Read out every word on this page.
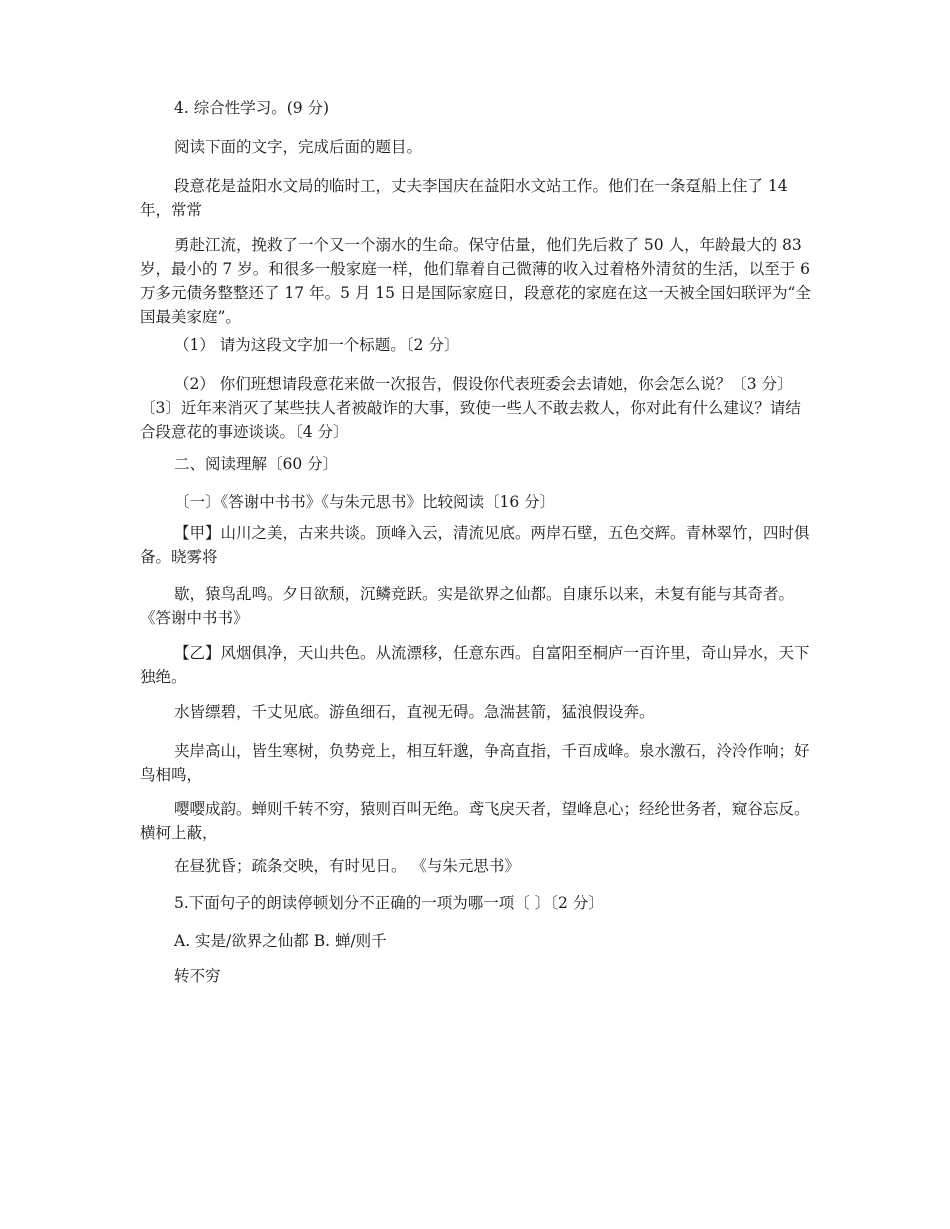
4. 综合性学习。(9 分)

阅读下面的文字，完成后面的题目。

段意花是益阳水文局的临时工，丈夫李国庆在益阳水文站工作。他们在一条趸船上住了 14 年，常常

勇赴江流，挽救了一个又一个溺水的生命。保守估量，他们先后救了 50 人，年龄最大的 83 岁，最小的 7 岁。和很多一般家庭一样，他们靠着自己微薄的收入过着格外清贫的生活，以至于 6 万多元债务整整还了 17 年。5 月 15 日是国际家庭日，段意花的家庭在这一天被全国妇联评为“全国最美家庭”。

（1） 请为这段文字加一个标题。〔2 分〕

（2） 你们班想请段意花来做一次报告，假设你代表班委会去请她，你会怎么说？〔3 分〕 〔3〕近年来消灭了某些扶人者被敲诈的大事，致使一些人不敢去救人，你对此有什么建议？请结合段意花的事迹谈谈。〔4 分〕

二、阅读理解〔60 分〕

〔一〕《答谢中书书》《与朱元思书》比较阅读〔16 分〕

【甲】山川之美，古来共谈。顶峰入云，清流见底。两岸石壁，五色交辉。青林翠竹，四时俱备。晓雾将

歇，猿鸟乱鸣。夕日欲颓，沉鳞竞跃。实是欲界之仙都。自康乐以来，未复有能与其奇者。 《答谢中书书》

【乙】风烟俱净，天山共色。从流漂移，任意东西。自富阳至桐庐一百许里，奇山异水，天下独绝。

水皆缥碧，千丈见底。游鱼细石，直视无碍。急湍甚箭，猛浪假设奔。

夹岸高山，皆生寒树，负势竞上，相互轩邈，争高直指，千百成峰。泉水激石，泠泠作响；好鸟相鸣，

嘤嘤成韵。蝉则千转不穷，猿则百叫无绝。鸢飞戾天者，望峰息心；经纶世务者，窥谷忘反。横柯上蔽，

在昼犹昏；疏条交映，有时见日。 《与朱元思书》

5.下面句子的朗读停顿划分不正确的一项为哪一项〔 〕〔2 分〕

A. 实是/欲界之仙都 B. 蝉/则千

转不穷
